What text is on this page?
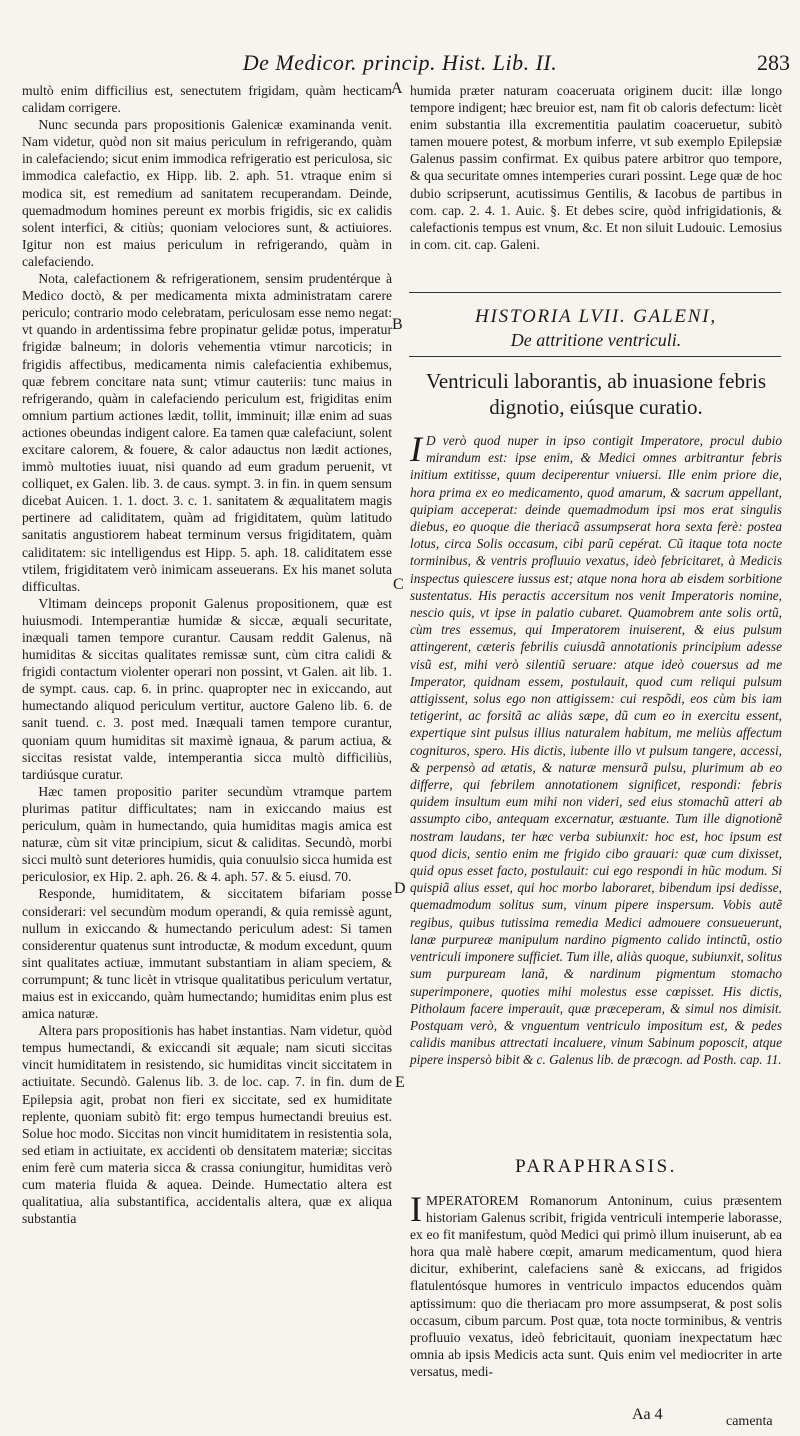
De Medicor. princip. Hist. Lib. II.	283

multò enim difficilius est, senectutem frigidam, quàm hecticam calidam corrigere.

Nunc secunda pars propositionis Galenicæ examinanda venit. Nam videtur, quòd non sit maius periculum in refrigerando, quàm in calefaciendo; sicut enim immodica refrigeratio est periculosa, sic immodica calefactio, ex Hipp. lib. 2. aph. 51. vtraque enim si modica sit, est remedium ad sanitatem recuperandam. Deinde, quemadmodum homines pereunt ex morbis frigidis, sic ex calidis solent interfici, & citiùs; quoniam velociores sunt, & actiuiores. Igitur non est maius periculum in refrigerando, quàm in calefaciendo.

Nota, calefactionem & refrigerationem, sensim prudentérque à Medico doctò, & per medicamenta mixta administratam carere periculo; contrario modo celebratam, periculosam esse nemo negat: vt quando in ardentissima febre propinatur gelidæ potus, imperatur frigidæ balneum; in doloris vehementia vtimur narcoticis; in frigidis affectibus, medicamenta nimis calefacientia exhibemus, quæ febrem concitare nata sunt; vtimur cauteriis: tunc maius in refrigerando, quàm in calefaciendo periculum est, frigiditas enim omnium partium actiones lædit, tollit, imminuit; illæ enim ad suas actiones obeundas indigent calore. Ea tamen quæ calefaciunt, solent excitare calorem, & fouere, & calor adauctus non lædit actiones, immò multoties iuuat, nisi quando ad eum gradum peruenit, vt colliquet, ex Galen. lib. 3. de caus. sympt. 3. in fin. in quem sensum dicebat Auicen. 1. 1. doct. 3. c. 1. sanitatem & æqualitatem magis pertinere ad caliditatem, quàm ad frigiditatem, quùm latitudo sanitatis angustiorem habeat terminum versus frigiditatem, quàm caliditatem: sic intelligendus est Hipp. 5. aph. 18. caliditatem esse vtilem, frigiditatem verò inimicam asseuerans. Ex his manet soluta difficultas.

Vltimam deinceps proponit Galenus propositionem, quæ est huiusmodi. Intemperantiæ humidæ & siccæ, æquali securitate, inæquali tamen tempore curantur. Causam reddit Galenus, nã humiditas & siccitas qualitates remissæ sunt, cùm citra calidi & frigidi contactum violenter operari non possint, vt Galen. ait lib. 1. de sympt. caus. cap. 6. in princ. quapropter nec in exiccando, aut humectando aliquod periculum vertitur, auctore Galeno lib. 6. de sanit tuend. c. 3. post med. Inæquali tamen tempore curantur, quoniam quum humiditas sit maximè ignaua, & parum actiua, & siccitas resistat valde, intemperantia sicca multò difficiliùs, tardiúsque curatur.

Hæc tamen propositio pariter secundùm vtramque partem plurimas patitur difficultates; nam in exiccando maius est periculum, quàm in humectando, quia humiditas magis amica est naturæ, cùm sit vitæ principium, sicut & caliditas. Secundò, morbi sicci multò sunt deteriores humidis, quia conuulsio sicca humida est periculosior, ex Hip. 2. aph. 26. & 4. aph. 57. & 5. eiusd. 70.

Responde, humiditatem, & siccitatem bifariam posse considerari: vel secundùm modum operandi, & quia remissè agunt, nullum in exiccando & humectando periculum adest: Si tamen considerentur quatenus sunt introductæ, & modum excedunt, quum sint qualitates actiuæ, immutant substantiam in aliam speciem, & corrumpunt; & tunc licèt in vtrisque qualitatibus periculum vertatur, maius est in exiccando, quàm humectando; humiditas enim plus est amica naturæ.

Altera pars propositionis has habet instantias. Nam videtur, quòd tempus humectandi, & exiccandi sit æquale; nam sicuti siccitas vincit humiditatem in resistendo, sic humiditas vincit siccitatem in actiuitate. Secundò. Galenus lib. 3. de loc. cap. 7. in fin. dum de Epilepsia agit, probat non fieri ex siccitate, sed ex humiditate replente, quoniam subitò fit: ergo tempus humectandi breuius est. Solue hoc modo. Siccitas non vincit humiditatem in resistentia sola, sed etiam in actiuitate, ex accidenti ob densitatem materiæ; siccitas enim ferè cum materia sicca & crassa coniungitur, humiditas verò cum materia fluida & aquea. Deinde. Humectatio altera est qualitatiua, alia substantifica, accidentalis altera, quæ ex aliqua substantia

A
B
C
D
E

humida præter naturam coaceruata originem ducit: illæ longo tempore indigent; hæc breuior est, nam fit ob caloris defectum: licèt enim substantia illa excrementitia paulatim coaceruetur, subitò tamen mouere potest, & morbum inferre, vt sub exemplo Epilepsiæ Galenus passim confirmat. Ex quibus patere arbitror quo tempore, & qua securitate omnes intemperies curari possint. Lege quæ de hoc dubio scripserunt, acutissimus Gentilis, & Iacobus de partibus in com. cap. 2. 4. 1. Auic. §. Et debes scire, quòd infrigidationis, & calefactionis tempus est vnum, &c. Et non siluit Ludouic. Lemosius in com. cit. cap. Galeni.

HISTORIA LVII. GALENI,
De attritione ventriculi.
Ventriculi laborantis, ab inuasione febris dignotio, eiúsque curatio.

I D verò quod nuper in ipso contigit Imperatore, procul dubio mirandum est: ipse enim, & Medici omnes arbitrantur febris initium extitisse, quum deciperentur vniuersi. Ille enim priore die, hora prima ex eo medicamento, quod amarum, & sacrum appellant, quipiam acceperat: deinde quemadmodum ipsi mos erat singulis diebus, eo quoque die theriacã assumpserat hora sexta ferè: postea lotus, circa Solis occasum, cibi parũ cepérat. Cũ itaque tota nocte torminibus, & ventris profluuio vexatus, ideò febricitaret, à Medicis inspectus quiescere iussus est; atque nona hora ab eisdem sorbitione sustentatus. His peractis accersitum nos venit Imperatoris nomine, nescio quis, vt ipse in palatio cubaret. Quamobrem ante solis ortũ, cùm tres essemus, qui Imperatorem inuiserent, & eius pulsum attingerent, cæteris febrilis cuiusdã annotationis principium adesse visũ est, mihi verò silentiũ seruare: atque ideò couersus ad me Imperator, quidnam essem, postulauit, quod cum reliqui pulsum attigissent, solus ego non attigissem: cui respõdi, eos cùm bis iam tetigerint, ac forsitã ac aliàs sæpe, dũ cum eo in exercitu essent, expertique sint pulsus illius naturalem habitum, me meliùs affectum cognituros, spero. His dictis, iubente illo vt pulsum tangere, accessi, & perpensò ad ætatis, & naturæ mensurã pulsu, plurimum ab eo differre, qui febrilem annotationem significet, respondi: febris quidem insultum eum mihi non videri, sed eius stomachũ atteri ab assumpto cibo, antequam excernatur, æstuante. Tum ille dignotionẽ nostram laudans, ter hæc verba subiunxit: hoc est, hoc ipsum est quod dicis, sentio enim me frigido cibo grauari: quæ cum dixisset, quid opus esset facto, postulauit: cui ego respondi in hũc modum. Si quispiã alius esset, qui hoc morbo laboraret, bibendum ipsi dedisse, quemadmodum solitus sum, vinum pipere inspersum. Vobis autẽ regibus, quibus tutissima remedia Medici admouere consueuerunt, lanæ purpureæ manipulum nardino pigmento calido intinctũ, ostio ventriculi imponere sufficiet. Tum ille, aliàs quoque, subiunxit, solitus sum purpuream lanã, & nardinum pigmentum stomacho superimponere, quoties mihi molestus esse cœpisset. His dictis, Pitholaum facere imperauit, quæ præceperam, & simul nos dimisit. Postquam verò, & vnguentum ventriculo impositum est, & pedes calidis manibus attrectati incaluere, vinum Sabinum poposcit, atque pipere inspersò bibit & c. Galenus lib. de præcogn. ad Posth. cap. 11.

PARAPHRASIS.

IMPERATOREM Romanorum Antoninum, cuius præsentem historiam Galenus scribit, frigida ventriculi intemperie laborasse, ex eo fit manifestum, quòd Medici qui primò illum inuiserunt, ab ea hora qua malè habere cœpit, amarum medicamentum, quod hiera dicitur, exhiberint, calefaciens sanè & exiccans, ad frigidos flatulentósque humores in ventriculo impactos educendos quàm aptissimum: quo die theriacam pro more assumpserat, & post solis occasum, cibum parcum. Post quæ, tota nocte torminibus, & ventris profluuio vexatus, ideò febricitauit, quoniam inexpectatum hæc omnia ab ipsis Medicis acta sunt. Quis enim vel mediocriter in arte versatus, medi-

Aa 4	camenta
